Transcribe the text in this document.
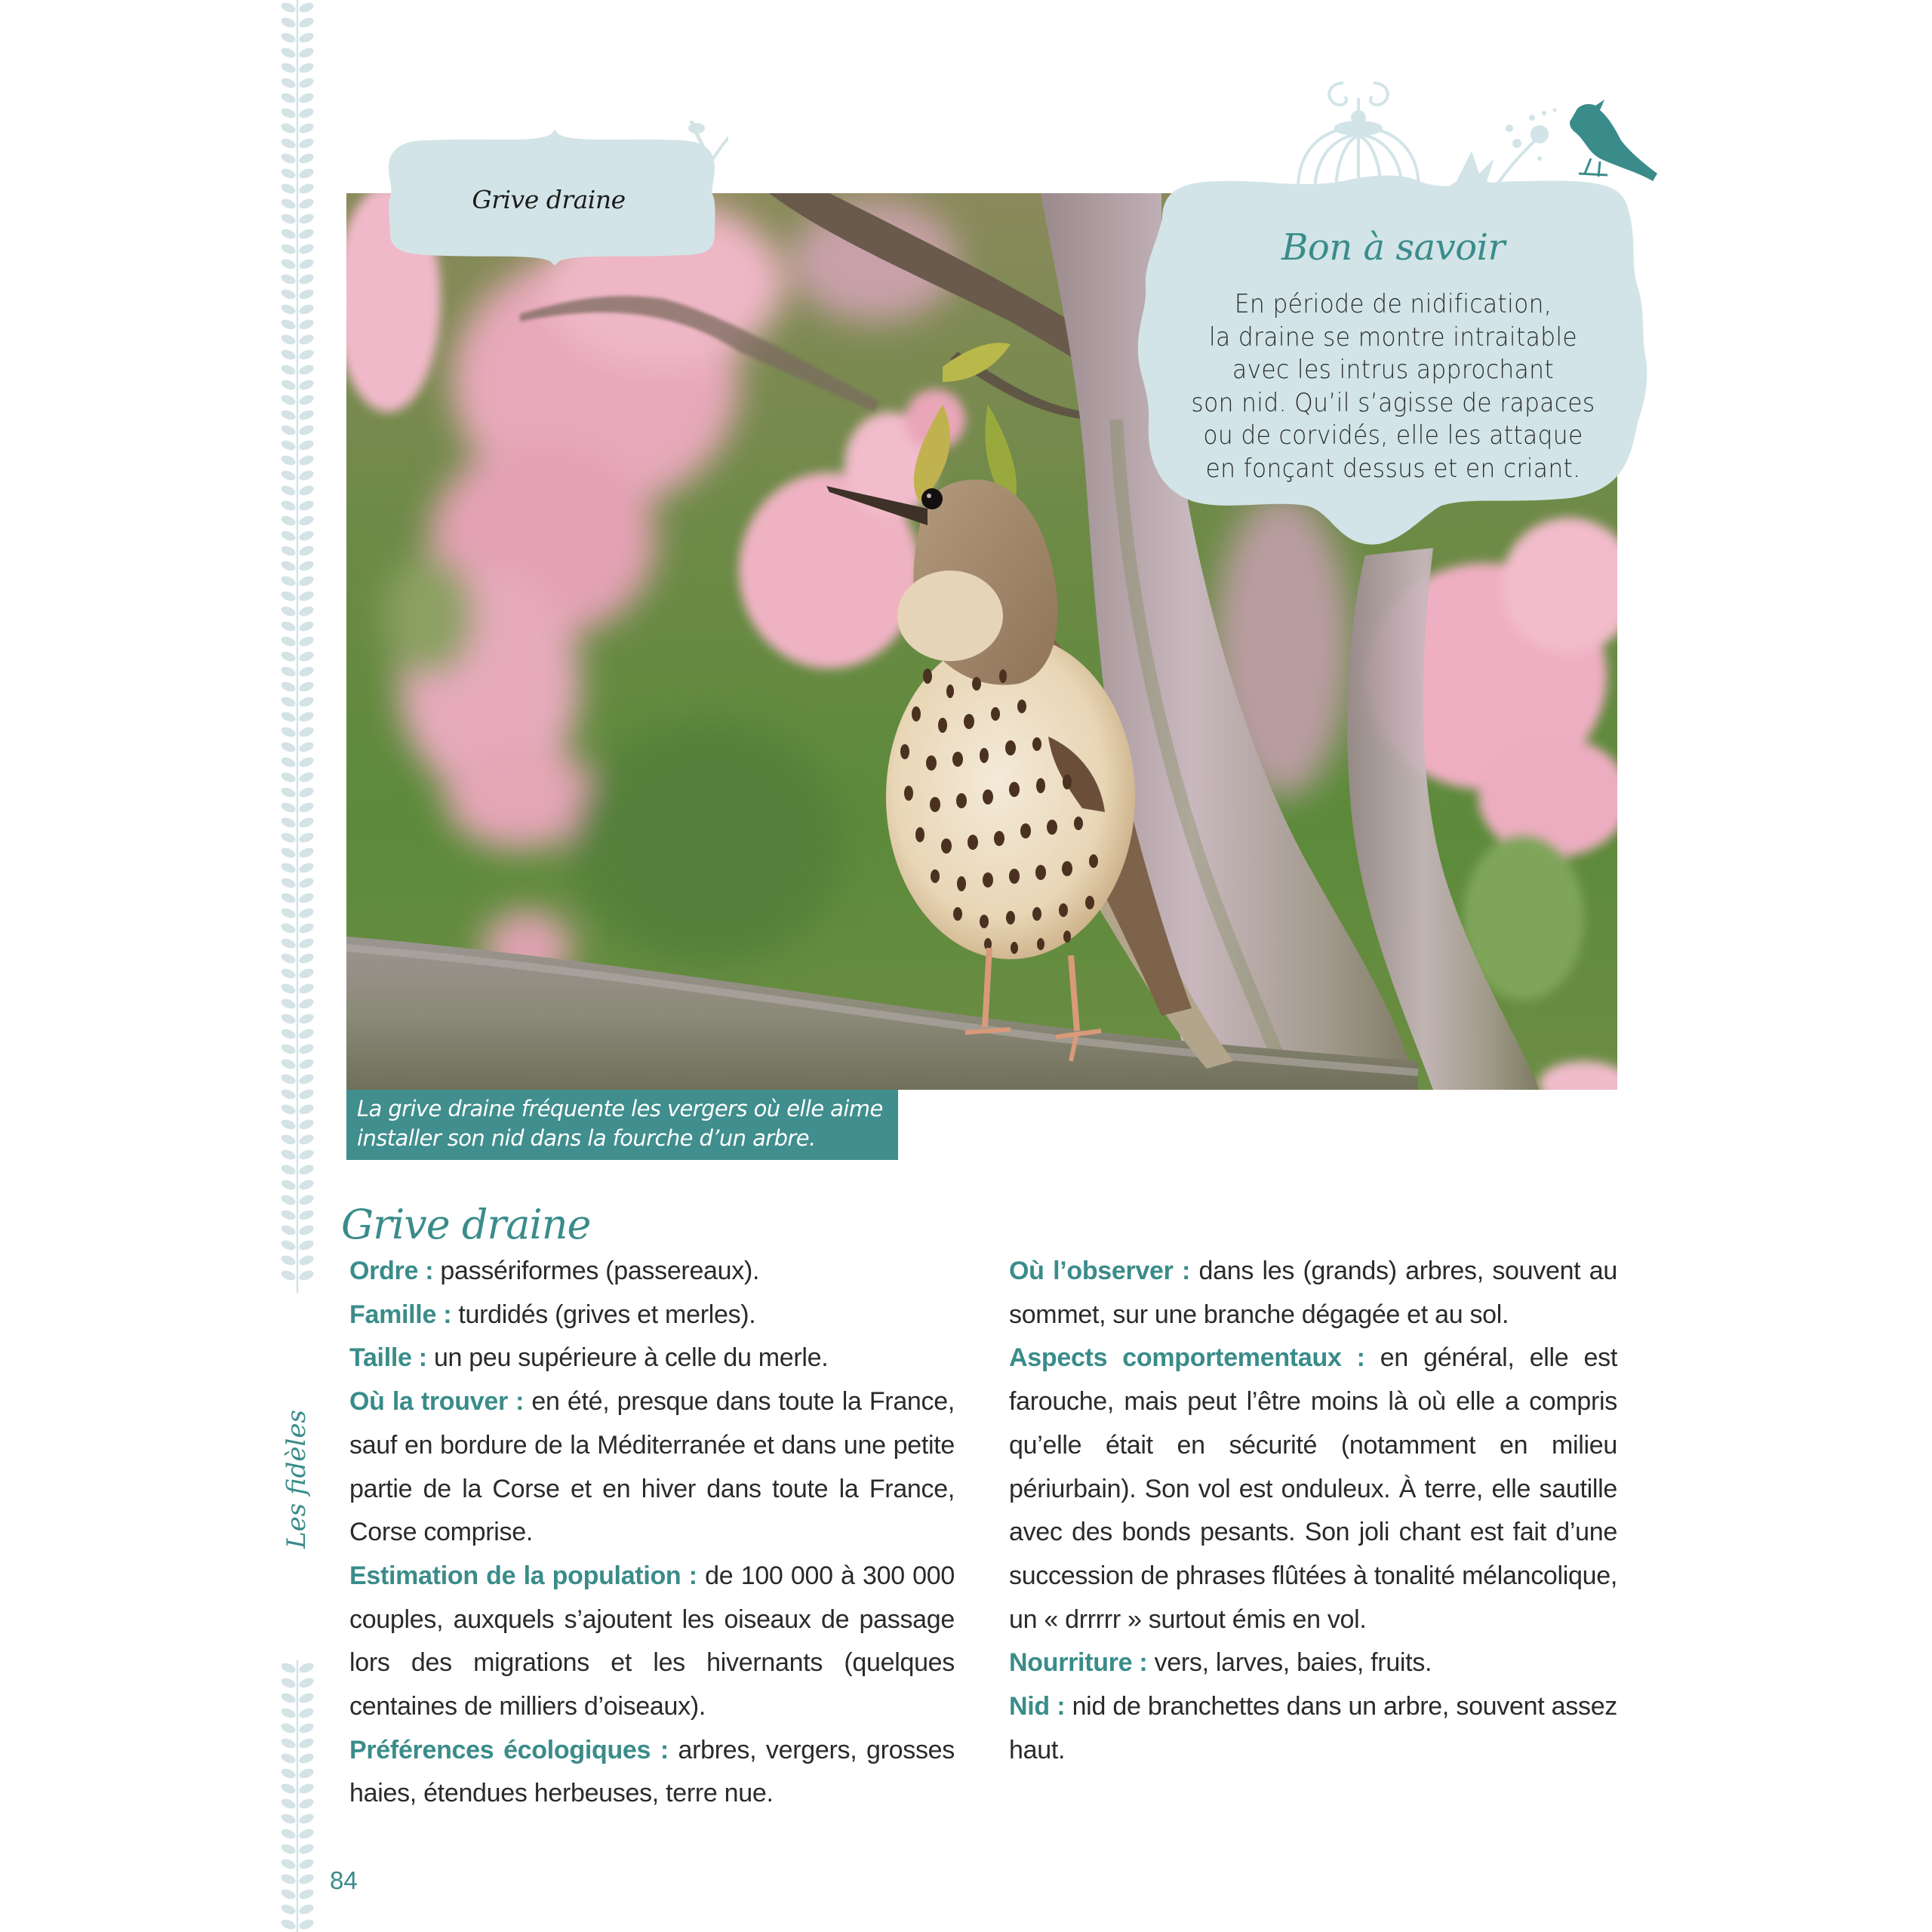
La grive draine fréquente les vergers où elle aime installer son nid dans la fourche d’un arbre.

Grive draine
Bon à savoir
En période de nidification,
la draine se montre intraitable
avec les intrus approchant
son nid. Qu’il s’agisse de rapaces
ou de corvidés, elle les attaque
en fonçant dessus et en criant.
Grive draine

Ordre : passériformes (passereaux).

Famille : turdidés (grives et merles).

Taille : un peu supérieure à celle du merle.

Où la trouver : en été, presque dans toute la France, sauf en bordure de la Méditerranée et dans une petite partie de la Corse et en hiver dans toute la France, Corse comprise.

Estimation de la population : de 100 000 à 300 000 couples, auxquels s’ajoutent les oiseaux de passage lors des migrations et les hivernants (quelques centaines de milliers d’oiseaux).

Préférences écologiques : arbres, vergers, grosses haies, étendues herbeuses, terre nue.

Où l’observer : dans les (grands) arbres, souvent au sommet, sur une branche dégagée et au sol.

Aspects comportementaux : en général, elle est farouche, mais peut l’être moins là où elle a compris qu’elle était en sécurité (notamment en milieu périurbain). Son vol est onduleux. À terre, elle sautille avec des bonds pesants. Son joli chant est fait d’une succession de phrases flûtées à tonalité mélancolique, un « drrrrr » surtout émis en vol.

Nourriture : vers, larves, baies, fruits.

Nid : nid de branchettes dans un arbre, souvent assez haut.

Les fidèles
84
